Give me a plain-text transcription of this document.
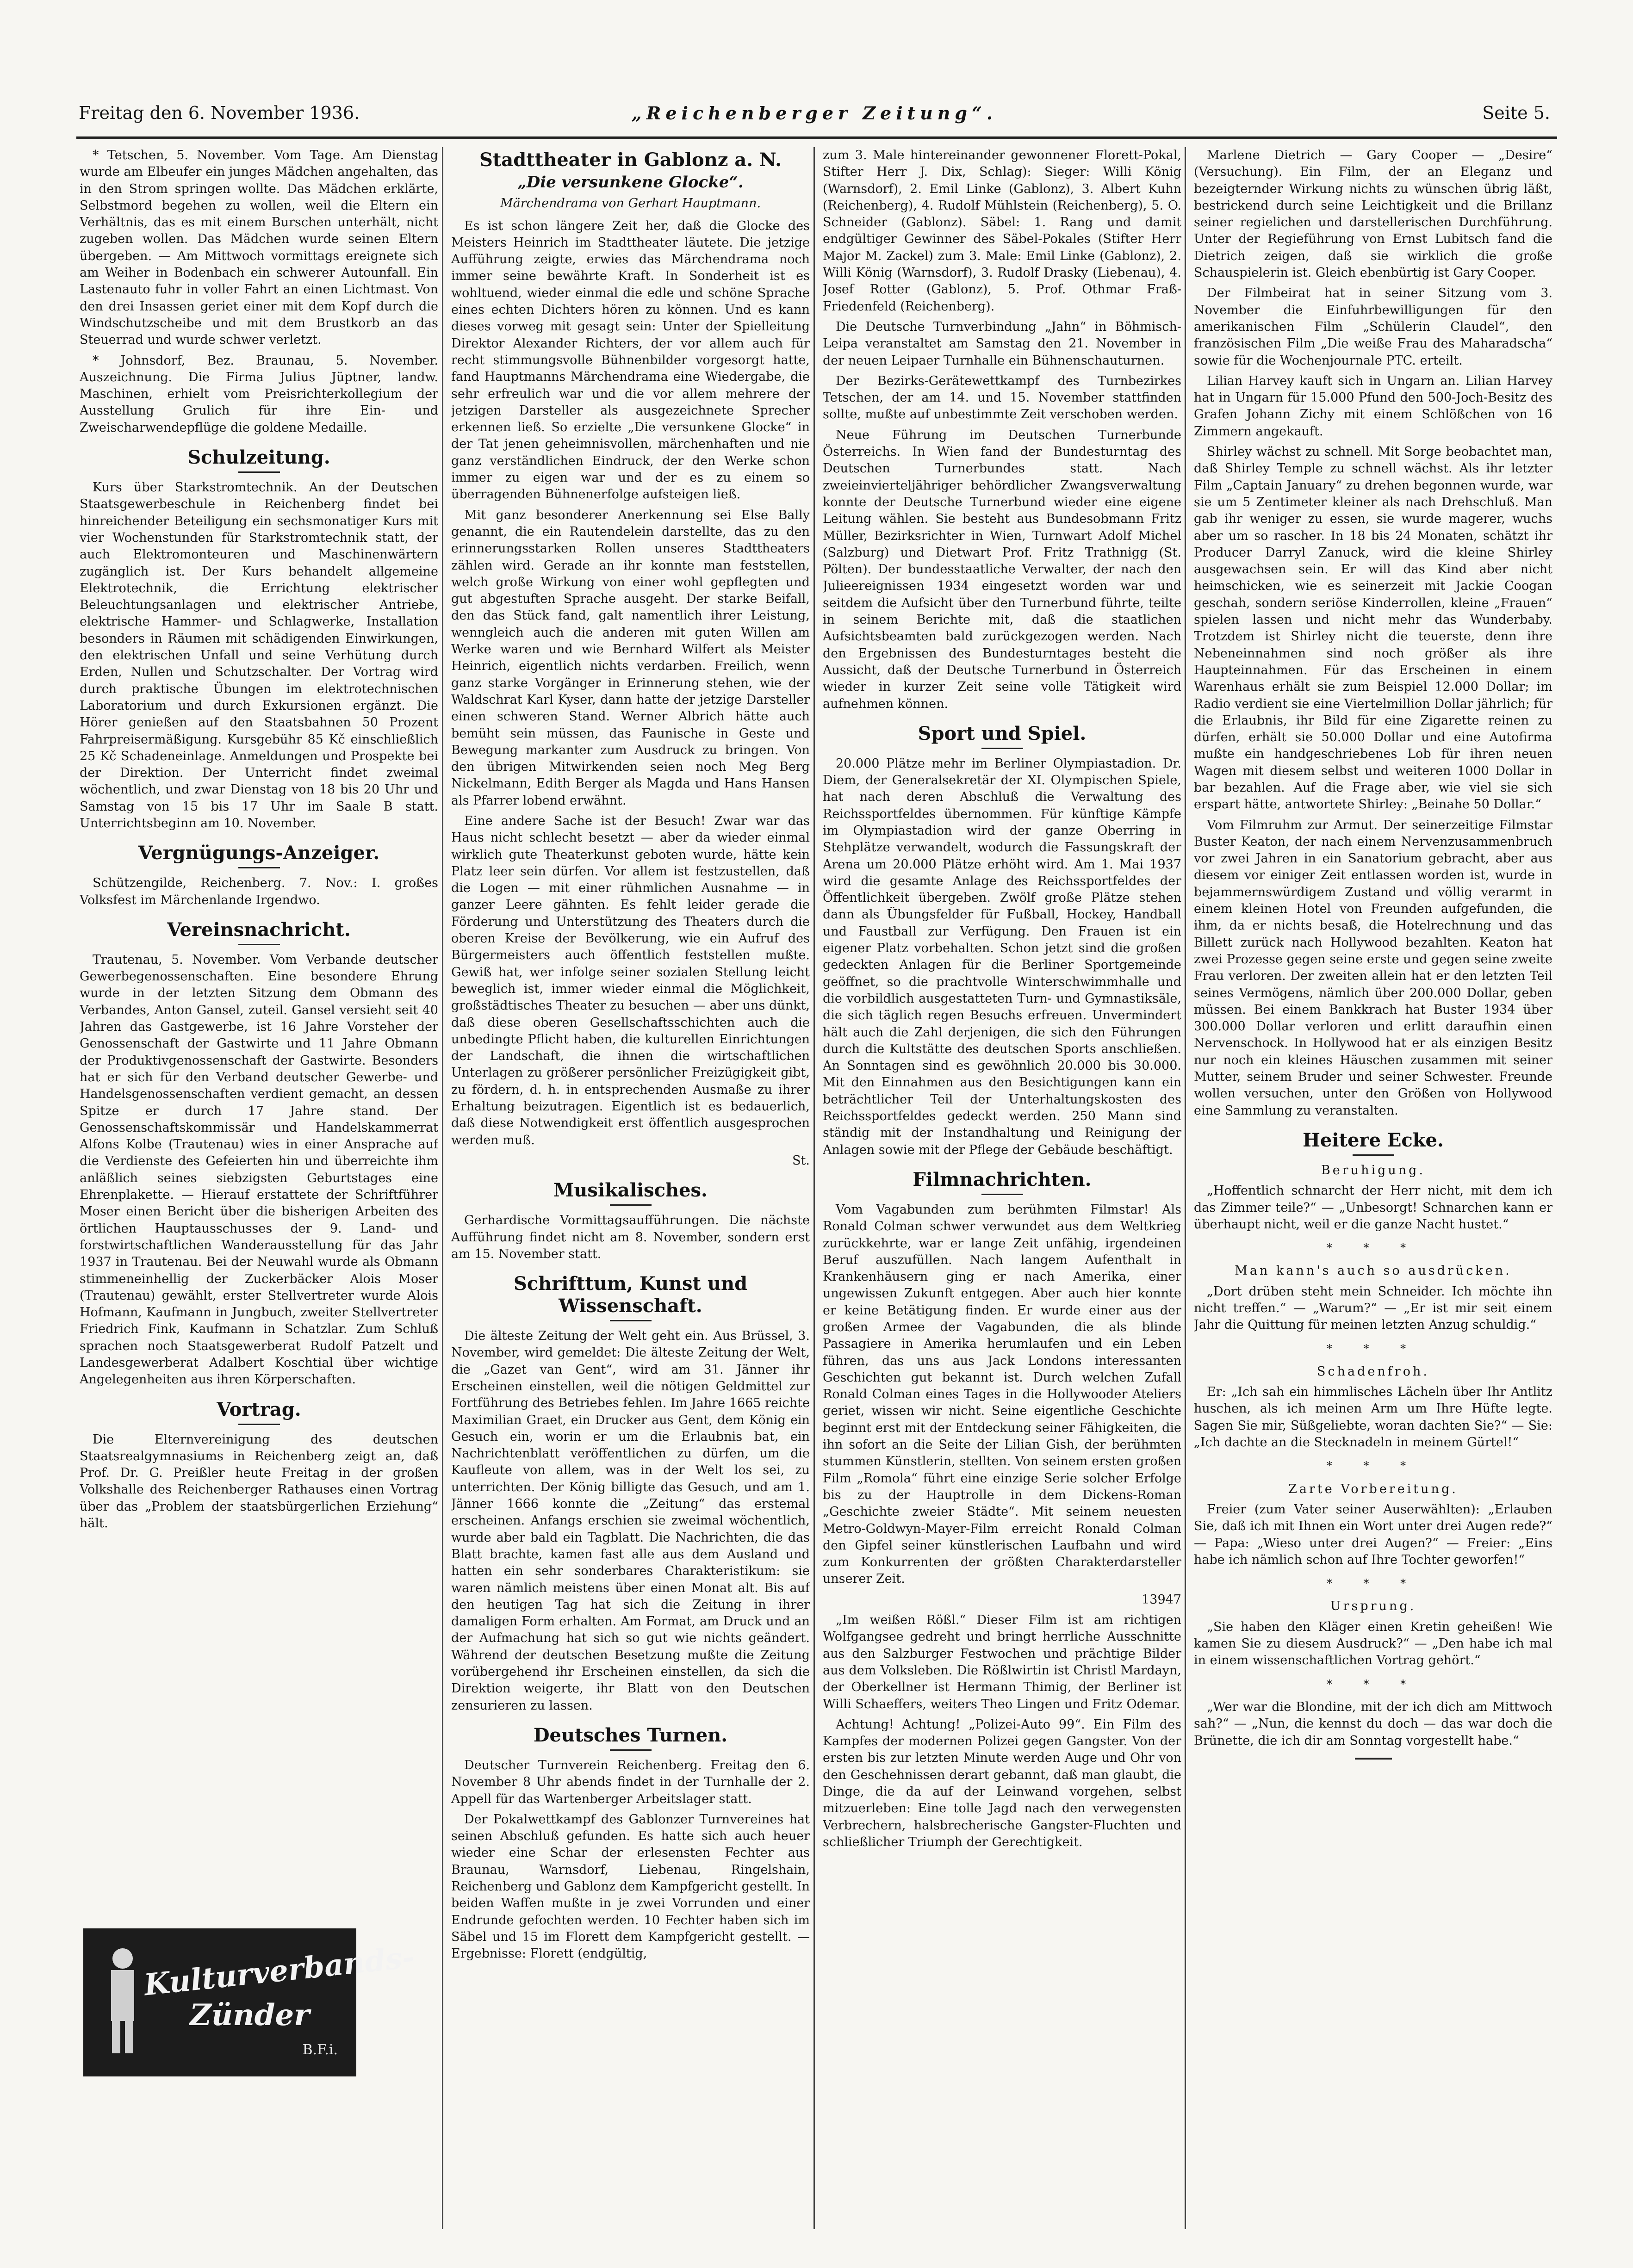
Freitag den 6. November 1936.	„Reichenberger Zeitung“.	Seite 5.

* Tetschen, 5. November. Vom Tage. Am Dienstag wurde am Elbeufer ein junges Mädchen angehalten, das in den Strom springen wollte. Das Mädchen erklärte, Selbstmord begehen zu wollen, weil die Eltern ein Verhältnis, das es mit einem Burschen unterhält, nicht zugeben wollen. Das Mädchen wurde seinen Eltern übergeben. — Am Mittwoch vormittags ereignete sich am Weiher in Bodenbach ein schwerer Autounfall. Ein Lastenauto fuhr in voller Fahrt an einen Lichtmast. Von den drei Insassen geriet einer mit dem Kopf durch die Windschutzscheibe und mit dem Brustkorb an das Steuerrad und wurde schwer verletzt.

* Johnsdorf, Bez. Braunau, 5. November. Auszeichnung. Die Firma Julius Jüptner, landw. Maschinen, erhielt vom Preisrichterkollegium der Ausstellung Grulich für ihre Ein- und Zweischarwendepflüge die goldene Medaille.

Schulzeitung.

Kurs über Starkstromtechnik. An der Deutschen Staatsgewerbeschule in Reichenberg findet bei hinreichender Beteiligung ein sechsmonatiger Kurs mit vier Wochenstunden für Starkstromtechnik statt, der auch Elektromonteuren und Maschinenwärtern zugänglich ist. Der Kurs behandelt allgemeine Elektrotechnik, die Errichtung elektrischer Beleuchtungsanlagen und elektrischer Antriebe, elektrische Hammer- und Schlagwerke, Installation besonders in Räumen mit schädigenden Einwirkungen, den elektrischen Unfall und seine Verhütung durch Erden, Nullen und Schutzschalter. Der Vortrag wird durch praktische Übungen im elektrotechnischen Laboratorium und durch Exkursionen ergänzt. Die Hörer genießen auf den Staatsbahnen 50 Prozent Fahrpreisermäßigung. Kursgebühr 85 Kč einschließlich 25 Kč Schadeneinlage. Anmeldungen und Prospekte bei der Direktion. Der Unterricht findet zweimal wöchentlich, und zwar Dienstag von 18 bis 20 Uhr und Samstag von 15 bis 17 Uhr im Saale B statt. Unterrichtsbeginn am 10. November.

Vergnügungs-Anzeiger.

Schützengilde, Reichenberg. 7. Nov.: I. großes Volksfest im Märchenlande Irgendwo.

Vereinsnachricht.

Trautenau, 5. November. Vom Verbande deutscher Gewerbegenossenschaften. Eine besondere Ehrung wurde in der letzten Sitzung dem Obmann des Verbandes, Anton Gansel, zuteil. Gansel versieht seit 40 Jahren das Gastgewerbe, ist 16 Jahre Vorsteher der Genossenschaft der Gastwirte und 11 Jahre Obmann der Produktivgenossenschaft der Gastwirte. Besonders hat er sich für den Verband deutscher Gewerbe- und Handelsgenossenschaften verdient gemacht, an dessen Spitze er durch 17 Jahre stand. Der Genossenschaftskommissär und Handelskammerrat Alfons Kolbe (Trautenau) wies in einer Ansprache auf die Verdienste des Gefeierten hin und überreichte ihm anläßlich seines siebzigsten Geburtstages eine Ehrenplakette. — Hierauf erstattete der Schriftführer Moser einen Bericht über die bisherigen Arbeiten des örtlichen Hauptausschusses der 9. Land- und forstwirtschaftlichen Wanderausstellung für das Jahr 1937 in Trautenau. Bei der Neuwahl wurde als Obmann stimmeneinhellig der Zuckerbäcker Alois Moser (Trautenau) gewählt, erster Stellvertreter wurde Alois Hofmann, Kaufmann in Jungbuch, zweiter Stellvertreter Friedrich Fink, Kaufmann in Schatzlar. Zum Schluß sprachen noch Staatsgewerberat Rudolf Patzelt und Landesgewerberat Adalbert Koschtial über wichtige Angelegenheiten aus ihren Körperschaften.

Vortrag.

Die Elternvereinigung des deutschen Staatsrealgymnasiums in Reichenberg zeigt an, daß Prof. Dr. G. Preißler heute Freitag in der großen Volkshalle des Reichenberger Rathauses einen Vortrag über das „Problem der staatsbürgerlichen Erziehung“ hält.

Kulturverbands-
Zünder
B.F.i.
Stadttheater in Gablonz a. N.
„Die versunkene Glocke“.

Märchendrama von Gerhart Hauptmann.

Es ist schon längere Zeit her, daß die Glocke des Meisters Heinrich im Stadttheater läutete. Die jetzige Aufführung zeigte, erwies das Märchendrama noch immer seine bewährte Kraft. In Sonderheit ist es wohltuend, wieder einmal die edle und schöne Sprache eines echten Dichters hören zu können. Und es kann dieses vorweg mit gesagt sein: Unter der Spielleitung Direktor Alexander Richters, der vor allem auch für recht stimmungsvolle Bühnenbilder vorgesorgt hatte, fand Hauptmanns Märchendrama eine Wiedergabe, die sehr erfreulich war und die vor allem mehrere der jetzigen Darsteller als ausgezeichnete Sprecher erkennen ließ. So erzielte „Die versunkene Glocke“ in der Tat jenen geheimnisvollen, märchenhaften und nie ganz verständlichen Eindruck, der den Werke schon immer zu eigen war und der es zu einem so überragenden Bühnenerfolge aufsteigen ließ.

Mit ganz besonderer Anerkennung sei Else Bally genannt, die ein Rautendelein darstellte, das zu den erinnerungsstarken Rollen unseres Stadttheaters zählen wird. Gerade an ihr konnte man feststellen, welch große Wirkung von einer wohl gepflegten und gut abgestuften Sprache ausgeht. Der starke Beifall, den das Stück fand, galt namentlich ihrer Leistung, wenngleich auch die anderen mit guten Willen am Werke waren und wie Bernhard Wilfert als Meister Heinrich, eigentlich nichts verdarben. Freilich, wenn ganz starke Vorgänger in Erinnerung stehen, wie der Waldschrat Karl Kyser, dann hatte der jetzige Darsteller einen schweren Stand. Werner Albrich hätte auch bemüht sein müssen, das Faunische in Geste und Bewegung markanter zum Ausdruck zu bringen. Von den übrigen Mitwirkenden seien noch Meg Berg Nickelmann, Edith Berger als Magda und Hans Hansen als Pfarrer lobend erwähnt.

Eine andere Sache ist der Besuch! Zwar war das Haus nicht schlecht besetzt — aber da wieder einmal wirklich gute Theaterkunst geboten wurde, hätte kein Platz leer sein dürfen. Vor allem ist festzustellen, daß die Logen — mit einer rühmlichen Ausnahme — in ganzer Leere gähnten. Es fehlt leider gerade die Förderung und Unterstützung des Theaters durch die oberen Kreise der Bevölkerung, wie ein Aufruf des Bürgermeisters auch öffentlich feststellen mußte. Gewiß hat, wer infolge seiner sozialen Stellung leicht beweglich ist, immer wieder einmal die Möglichkeit, großstädtisches Theater zu besuchen — aber uns dünkt, daß diese oberen Gesellschaftsschichten auch die unbedingte Pflicht haben, die kulturellen Einrichtungen der Landschaft, die ihnen die wirtschaftlichen Unterlagen zu größerer persönlicher Freizügigkeit gibt, zu fördern, d. h. in entsprechenden Ausmaße zu ihrer Erhaltung beizutragen. Eigentlich ist es bedauerlich, daß diese Notwendigkeit erst öffentlich ausgesprochen werden muß.

St.

Musikalisches.

Gerhardische Vormittagsaufführungen. Die nächste Aufführung findet nicht am 8. November, sondern erst am 15. November statt.

Schrifttum, Kunst und Wissenschaft.

Die älteste Zeitung der Welt geht ein. Aus Brüssel, 3. November, wird gemeldet: Die älteste Zeitung der Welt, die „Gazet van Gent“, wird am 31. Jänner ihr Erscheinen einstellen, weil die nötigen Geldmittel zur Fortführung des Betriebes fehlen. Im Jahre 1665 reichte Maximilian Graet, ein Drucker aus Gent, dem König ein Gesuch ein, worin er um die Erlaubnis bat, ein Nachrichtenblatt veröffentlichen zu dürfen, um die Kaufleute von allem, was in der Welt los sei, zu unterrichten. Der König billigte das Gesuch, und am 1. Jänner 1666 konnte die „Zeitung“ das erstemal erscheinen. Anfangs erschien sie zweimal wöchentlich, wurde aber bald ein Tagblatt. Die Nachrichten, die das Blatt brachte, kamen fast alle aus dem Ausland und hatten ein sehr sonderbares Charakteristikum: sie waren nämlich meistens über einen Monat alt. Bis auf den heutigen Tag hat sich die Zeitung in ihrer damaligen Form erhalten. Am Format, am Druck und an der Aufmachung hat sich so gut wie nichts geändert. Während der deutschen Besetzung mußte die Zeitung vorübergehend ihr Erscheinen einstellen, da sich die Direktion weigerte, ihr Blatt von den Deutschen zensurieren zu lassen.

Deutsches Turnen.

Deutscher Turnverein Reichenberg. Freitag den 6. November 8 Uhr abends findet in der Turnhalle der 2. Appell für das Wartenberger Arbeitslager statt.

Der Pokalwettkampf des Gablonzer Turnvereines hat seinen Abschluß gefunden. Es hatte sich auch heuer wieder eine Schar der erlesensten Fechter aus Braunau, Warnsdorf, Liebenau, Ringelshain, Reichenberg und Gablonz dem Kampfgericht gestellt. In beiden Waffen mußte in je zwei Vorrunden und einer Endrunde gefochten werden. 10 Fechter haben sich im Säbel und 15 im Florett dem Kampfgericht gestellt. — Ergebnisse: Florett (endgültig,

zum 3. Male hintereinander gewonnener Florett-Pokal, Stifter Herr J. Dix, Schlag): Sieger: Willi König (Warnsdorf), 2. Emil Linke (Gablonz), 3. Albert Kuhn (Reichenberg), 4. Rudolf Mühlstein (Reichenberg), 5. O. Schneider (Gablonz). Säbel: 1. Rang und damit endgültiger Gewinner des Säbel-Pokales (Stifter Herr Major M. Zackel) zum 3. Male: Emil Linke (Gablonz), 2. Willi König (Warnsdorf), 3. Rudolf Drasky (Liebenau), 4. Josef Rotter (Gablonz), 5. Prof. Othmar Fraß-Friedenfeld (Reichenberg).

Die Deutsche Turnverbindung „Jahn“ in Böhmisch-Leipa veranstaltet am Samstag den 21. November in der neuen Leipaer Turnhalle ein Bühnenschauturnen.

Der Bezirks-Gerätewettkampf des Turnbezirkes Tetschen, der am 14. und 15. November stattfinden sollte, mußte auf unbestimmte Zeit verschoben werden.

Neue Führung im Deutschen Turnerbunde Österreichs. In Wien fand der Bundesturntag des Deutschen Turnerbundes statt. Nach zweieinvierteljähriger behördlicher Zwangsverwaltung konnte der Deutsche Turnerbund wieder eine eigene Leitung wählen. Sie besteht aus Bundesobmann Fritz Müller, Bezirksrichter in Wien, Turnwart Adolf Michel (Salzburg) und Dietwart Prof. Fritz Trathnigg (St. Pölten). Der bundesstaatliche Verwalter, der nach den Julieereignissen 1934 eingesetzt worden war und seitdem die Aufsicht über den Turnerbund führte, teilte in seinem Berichte mit, daß die staatlichen Aufsichtsbeamten bald zurückgezogen werden. Nach den Ergebnissen des Bundesturntages besteht die Aussicht, daß der Deutsche Turnerbund in Österreich wieder in kurzer Zeit seine volle Tätigkeit wird aufnehmen können.

Sport und Spiel.

20.000 Plätze mehr im Berliner Olympiastadion. Dr. Diem, der Generalsekretär der XI. Olympischen Spiele, hat nach deren Abschluß die Verwaltung des Reichssportfeldes übernommen. Für künftige Kämpfe im Olympiastadion wird der ganze Oberring in Stehplätze verwandelt, wodurch die Fassungskraft der Arena um 20.000 Plätze erhöht wird. Am 1. Mai 1937 wird die gesamte Anlage des Reichssportfeldes der Öffentlichkeit übergeben. Zwölf große Plätze stehen dann als Übungsfelder für Fußball, Hockey, Handball und Faustball zur Verfügung. Den Frauen ist ein eigener Platz vorbehalten. Schon jetzt sind die großen gedeckten Anlagen für die Berliner Sportgemeinde geöffnet, so die prachtvolle Winterschwimmhalle und die vorbildlich ausgestatteten Turn- und Gymnastiksäle, die sich täglich regen Besuchs erfreuen. Unvermindert hält auch die Zahl derjenigen, die sich den Führungen durch die Kultstätte des deutschen Sports anschließen. An Sonntagen sind es gewöhnlich 20.000 bis 30.000. Mit den Einnahmen aus den Besichtigungen kann ein beträchtlicher Teil der Unterhaltungskosten des Reichssportfeldes gedeckt werden. 250 Mann sind ständig mit der Instandhaltung und Reinigung der Anlagen sowie mit der Pflege der Gebäude beschäftigt.

Filmnachrichten.

Vom Vagabunden zum berühmten Filmstar! Als Ronald Colman schwer verwundet aus dem Weltkrieg zurückkehrte, war er lange Zeit unfähig, irgendeinen Beruf auszufüllen. Nach langem Aufenthalt in Krankenhäusern ging er nach Amerika, einer ungewissen Zukunft entgegen. Aber auch hier konnte er keine Betätigung finden. Er wurde einer aus der großen Armee der Vagabunden, die als blinde Passagiere in Amerika herumlaufen und ein Leben führen, das uns aus Jack Londons interessanten Geschichten gut bekannt ist. Durch welchen Zufall Ronald Colman eines Tages in die Hollywooder Ateliers geriet, wissen wir nicht. Seine eigentliche Geschichte beginnt erst mit der Entdeckung seiner Fähigkeiten, die ihn sofort an die Seite der Lilian Gish, der berühmten stummen Künstlerin, stellten. Von seinem ersten großen Film „Romola“ führt eine einzige Serie solcher Erfolge bis zu der Hauptrolle in dem Dickens-Roman „Geschichte zweier Städte“. Mit seinem neuesten Metro-Goldwyn-Mayer-Film erreicht Ronald Colman den Gipfel seiner künstlerischen Laufbahn und wird zum Konkurrenten der größten Charakterdarsteller unserer Zeit.

13947

„Im weißen Rößl.“ Dieser Film ist am richtigen Wolfgangsee gedreht und bringt herrliche Ausschnitte aus den Salzburger Festwochen und prächtige Bilder aus dem Volksleben. Die Rößlwirtin ist Christl Mardayn, der Oberkellner ist Hermann Thimig, der Berliner ist Willi Schaeffers, weiters Theo Lingen und Fritz Odemar.

Achtung! Achtung! „Polizei-Auto 99“. Ein Film des Kampfes der modernen Polizei gegen Gangster. Von der ersten bis zur letzten Minute werden Auge und Ohr von den Geschehnissen derart gebannt, daß man glaubt, die Dinge, die da auf der Leinwand vorgehen, selbst mitzuerleben: Eine tolle Jagd nach den verwegensten Verbrechern, halsbrecherische Gangster-Fluchten und schließlicher Triumph der Gerechtigkeit.

Marlene Dietrich — Gary Cooper — „Desire“ (Versuchung). Ein Film, der an Eleganz und bezeigternder Wirkung nichts zu wünschen übrig läßt, bestrickend durch seine Leichtigkeit und die Brillanz seiner regielichen und darstellerischen Durchführung. Unter der Regieführung von Ernst Lubitsch fand die Dietrich zeigen, daß sie wirklich die große Schauspielerin ist. Gleich ebenbürtig ist Gary Cooper.

Der Filmbeirat hat in seiner Sitzung vom 3. November die Einfuhrbewilligungen für den amerikanischen Film „Schülerin Claudel“, den französischen Film „Die weiße Frau des Maharadscha“ sowie für die Wochenjournale PTC. erteilt.

Lilian Harvey kauft sich in Ungarn an. Lilian Harvey hat in Ungarn für 15.000 Pfund den 500-Joch-Besitz des Grafen Johann Zichy mit einem Schlößchen von 16 Zimmern angekauft.

Shirley wächst zu schnell. Mit Sorge beobachtet man, daß Shirley Temple zu schnell wächst. Als ihr letzter Film „Captain January“ zu drehen begonnen wurde, war sie um 5 Zentimeter kleiner als nach Drehschluß. Man gab ihr weniger zu essen, sie wurde magerer, wuchs aber um so rascher. In 18 bis 24 Monaten, schätzt ihr Producer Darryl Zanuck, wird die kleine Shirley ausgewachsen sein. Er will das Kind aber nicht heimschicken, wie es seinerzeit mit Jackie Coogan geschah, sondern seriöse Kinderrollen, kleine „Frauen“ spielen lassen und nicht mehr das Wunderbaby. Trotzdem ist Shirley nicht die teuerste, denn ihre Nebeneinnahmen sind noch größer als ihre Haupteinnahmen. Für das Erscheinen in einem Warenhaus erhält sie zum Beispiel 12.000 Dollar; im Radio verdient sie eine Viertelmillion Dollar jährlich; für die Erlaubnis, ihr Bild für eine Zigarette reinen zu dürfen, erhält sie 50.000 Dollar und eine Autofirma mußte ein handgeschriebenes Lob für ihren neuen Wagen mit diesem selbst und weiteren 1000 Dollar in bar bezahlen. Auf die Frage aber, wie viel sie sich erspart hätte, antwortete Shirley: „Beinahe 50 Dollar.“

Vom Filmruhm zur Armut. Der seinerzeitige Filmstar Buster Keaton, der nach einem Nervenzusammenbruch vor zwei Jahren in ein Sanatorium gebracht, aber aus diesem vor einiger Zeit entlassen worden ist, wurde in bejammernswürdigem Zustand und völlig verarmt in einem kleinen Hotel von Freunden aufgefunden, die ihm, da er nichts besaß, die Hotelrechnung und das Billett zurück nach Hollywood bezahlten. Keaton hat zwei Prozesse gegen seine erste und gegen seine zweite Frau verloren. Der zweiten allein hat er den letzten Teil seines Vermögens, nämlich über 200.000 Dollar, geben müssen. Bei einem Bankkrach hat Buster 1934 über 300.000 Dollar verloren und erlitt daraufhin einen Nervenschock. In Hollywood hat er als einzigen Besitz nur noch ein kleines Häuschen zusammen mit seiner Mutter, seinem Bruder und seiner Schwester. Freunde wollen versuchen, unter den Größen von Hollywood eine Sammlung zu veranstalten.

Heitere Ecke.

Beruhigung.

„Hoffentlich schnarcht der Herr nicht, mit dem ich das Zimmer teile?“ — „Unbesorgt! Schnarchen kann er überhaupt nicht, weil er die ganze Nacht hustet.“

* * *

Man kann's auch so ausdrücken.

„Dort drüben steht mein Schneider. Ich möchte ihn nicht treffen.“ — „Warum?“ — „Er ist mir seit einem Jahr die Quittung für meinen letzten Anzug schuldig.“

* * *

Schadenfroh.

Er: „Ich sah ein himmlisches Lächeln über Ihr Antlitz huschen, als ich meinen Arm um Ihre Hüfte legte. Sagen Sie mir, Süßgeliebte, woran dachten Sie?“ — Sie: „Ich dachte an die Stecknadeln in meinem Gürtel!“

* * *

Zarte Vorbereitung.

Freier (zum Vater seiner Auserwählten): „Erlauben Sie, daß ich mit Ihnen ein Wort unter drei Augen rede?“ — Papa: „Wieso unter drei Augen?“ — Freier: „Eins habe ich nämlich schon auf Ihre Tochter geworfen!“

* * *

Ursprung.

„Sie haben den Kläger einen Kretin geheißen! Wie kamen Sie zu diesem Ausdruck?“ — „Den habe ich mal in einem wissenschaftlichen Vortrag gehört.“

* * *

„Wer war die Blondine, mit der ich dich am Mittwoch sah?“ — „Nun, die kennst du doch — das war doch die Brünette, die ich dir am Sonntag vorgestellt habe.“
